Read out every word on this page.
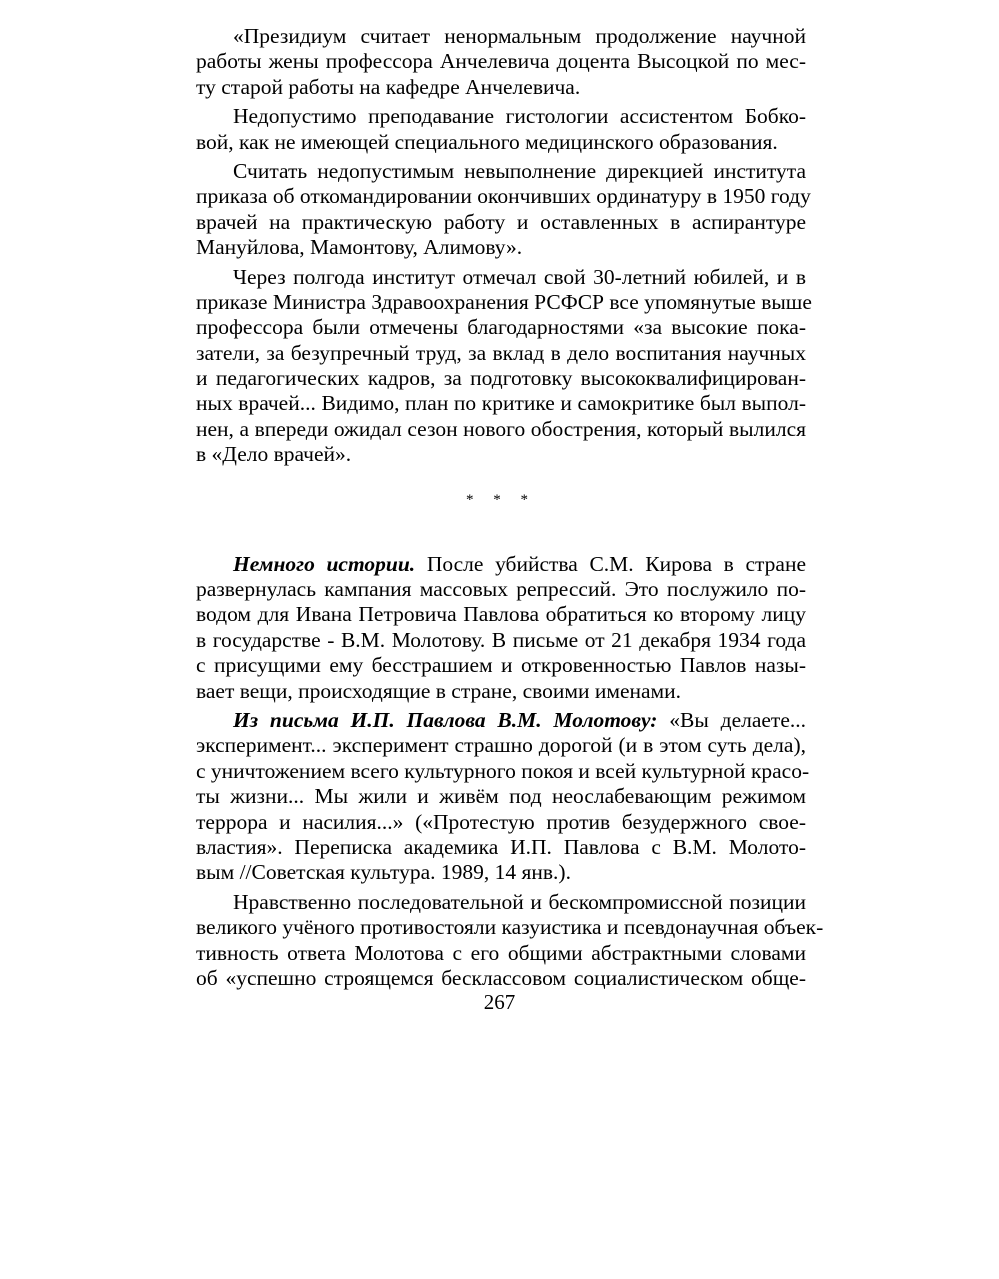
«Президиум считает ненормальным продолжение научной
работы жены профессора Анчелевича доцента Высоцкой по мес-
ту старой работы на кафедре Анчелевича.
Недопустимо преподавание гистологии ассистентом Бобко-
вой, как не имеющей специального медицинского образования.
Считать недопустимым невыполнение дирекцией института
приказа об откомандировании окончивших ординатуру в 1950 году
врачей на практическую работу и оставленных в аспирантуре
Мануйлова, Мамонтову, Алимову».
Через полгода институт отмечал свой 30-летний юбилей, и в
приказе Министра Здравоохранения РСФСР все упомянутые выше
профессора были отмечены благодарностями «за высокие пока-
затели, за безупречный труд, за вклад в дело воспитания научных
и педагогических кадров, за подготовку высококвалифицирован-
ных врачей... Видимо, план по критике и самокритике был выпол-
нен, а впереди ожидал сезон нового обострения, который вылился
в «Дело врачей».
* * *
Немного истории. После убийства С.М. Кирова в стране
развернулась кампания массовых репрессий. Это послужило по-
водом для Ивана Петровича Павлова обратиться ко второму лицу
в государстве - В.М. Молотову. В письме от 21 декабря 1934 года
с присущими ему бесстрашием и откровенностью Павлов назы-
вает вещи, происходящие в стране, своими именами.
Из письма И.П. Павлова В.М. Молотову: «Вы делаете...
эксперимент... эксперимент страшно дорогой (и в этом суть дела),
с уничтожением всего культурного покоя и всей культурной красо-
ты жизни... Мы жили и живём под неослабевающим режимом
террора и насилия...» («Протестую против безудержного свое-
властия». Переписка академика И.П. Павлова с В.М. Молото-
вым //Советская культура. 1989, 14 янв.).
Нравственно последовательной и бескомпромиссной позиции
великого учёного противостояли казуистика и псевдонаучная объек-
тивность ответа Молотова с его общими абстрактными словами
об «успешно строящемся бесклассовом социалистическом обще-
267
